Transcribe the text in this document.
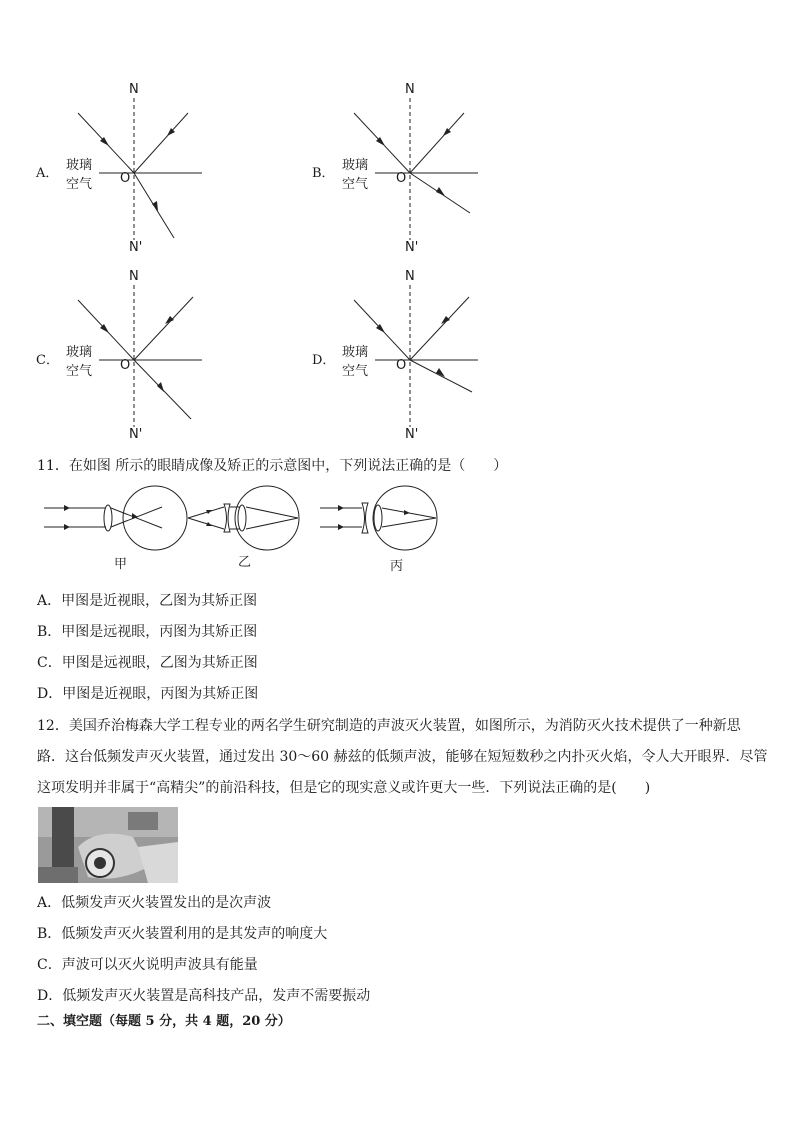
A．
玻璃
空气 O
N
N'
B．
玻璃
空气 O
N
N'
C．
玻璃
空气 O
N
N'
D．
玻璃
空气 O
N
N'
11．在如图 所示的眼睛成像及矫正的示意图中，下列说法正确的是（　　）
甲	乙	丙
A．甲图是近视眼，乙图为其矫正图
B．甲图是远视眼，丙图为其矫正图
C．甲图是远视眼，乙图为其矫正图
D．甲图是近视眼，丙图为其矫正图
12．美国乔治梅森大学工程专业的两名学生研究制造的声波灭火装置，如图所示，为消防灭火技术提供了一种新思
路．这台低频发声灭火装置，通过发出 30～60 赫兹的低频声波，能够在短短数秒之内扑灭火焰，令人大开眼界．尽管
这项发明并非属于“高精尖”的前沿科技，但是它的现实意义或许更大一些．下列说法正确的是(　　)
A．低频发声灭火装置发出的是次声波
B．低频发声灭火装置利用的是其发声的响度大
C．声波可以灭火说明声波具有能量
D．低频发声灭火装置是高科技产品，发声不需要振动
二、填空题（每题 5 分，共 4 题，20 分）
